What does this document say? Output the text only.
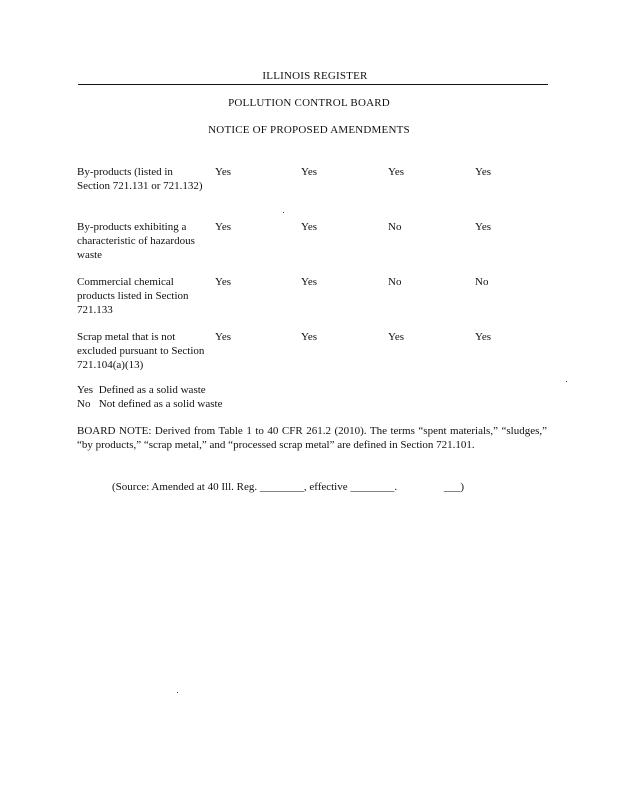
ILLINOIS REGISTER
POLLUTION CONTROL BOARD
NOTICE OF PROPOSED AMENDMENTS
By-products (listed in Section 721.131 or 721.132)
Yes	Yes	Yes	Yes
By-products exhibiting a characteristic of hazardous waste
Yes	Yes	No	Yes
Commercial chemical products listed in Section 721.133
Yes	Yes	No	No
Scrap metal that is not excluded pursuant to Section 721.104(a)(13)
Yes	Yes	Yes	Yes
Yes Defined as a solid waste
No Not defined as a solid waste
BOARD NOTE: Derived from Table 1 to 40 CFR 261.2 (2010). The terms “spent materials,” “sludges,” “by products,” “scrap metal,” and “processed scrap metal” are defined in Section 721.101.
(Source: Amended at 40 Ill. Reg. ________, effective ________.                 ___)
